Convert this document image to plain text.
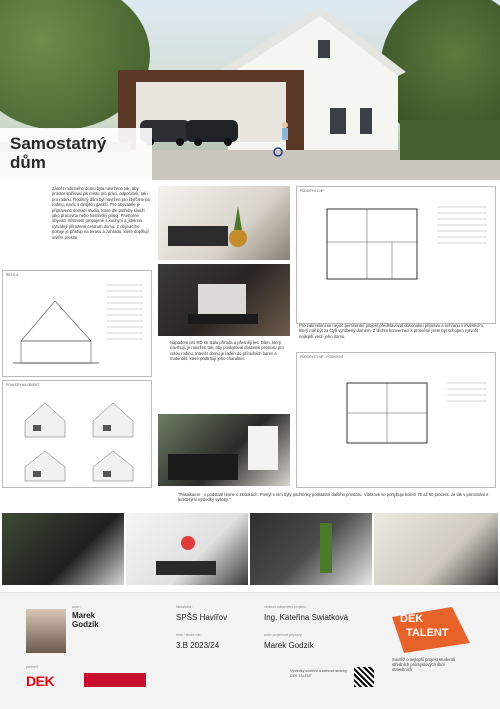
Samostatný
dům
Záměr rodinného domu byla navrženo tak, aby prostor splňoval jak místo pro práci, odpočinek, tak i pro rodinu. Rodinný dům byl navržen pro čtyřčlennou rodinu, navíc s dvojitou garáží. Pro obyvatele je připraveno domácí studio, které dle potřeby slouží jako pracovna nebo hostinský pokoj. Prostorné obývací místnosti propojené s kuchyní a jídelnou vytvářejí přirozené centrum domu. Z obývacího pokoje je přístup na terasu a zahradu, které doplňují vnitřní prostor.
ŘEZ A-A
POHLEDY NA OBJEKT
Nápadem pro RD se stala příroda a přesněji les. Dům, který navrhuji, je navržen tak, aby poskytoval dostatek prostoru pro celou rodinu. Interiér domu je laděn do přírodních barev a materiálů, které podtrhují jeho charakter.
PŮDORYS 1.NP
Pro zakreslení se nejvíc pertinentní projekt představoval dokonalou přípravu a ochranu v investicím, který měl být za čtyři vyrobený domem. Z těchto konverzací k proměně jsem byl schopen vytvořit nejlepší verzi jeho domu.
PŮDORYS 2.NP - PODKROVÍ
"Pakaikaem - v podstatě teorie o zkratkách. Pomyl s ním byly podmínky podstatné dalšího prostoru. Vítězové se pohybuje kolem 70 až 80 procent. Je tak v porovnání s leckterými výsledky vysoký."
autor:
Marek
Godzík
škola/obor:
SPŠS Havířov
třída / školní rok:
3.B 2023/24
vedoucí odborného projektu:
Ing. Kateřina Swiatková
autor projektové přípravy:
Marek Godzík
DEK
TALENT
Soutěž o nejlepší projekt studentů středních průmyslových škol stavebních
partneři:
DEK
Výsledky soutěže a webové stránky DEK TALENT
